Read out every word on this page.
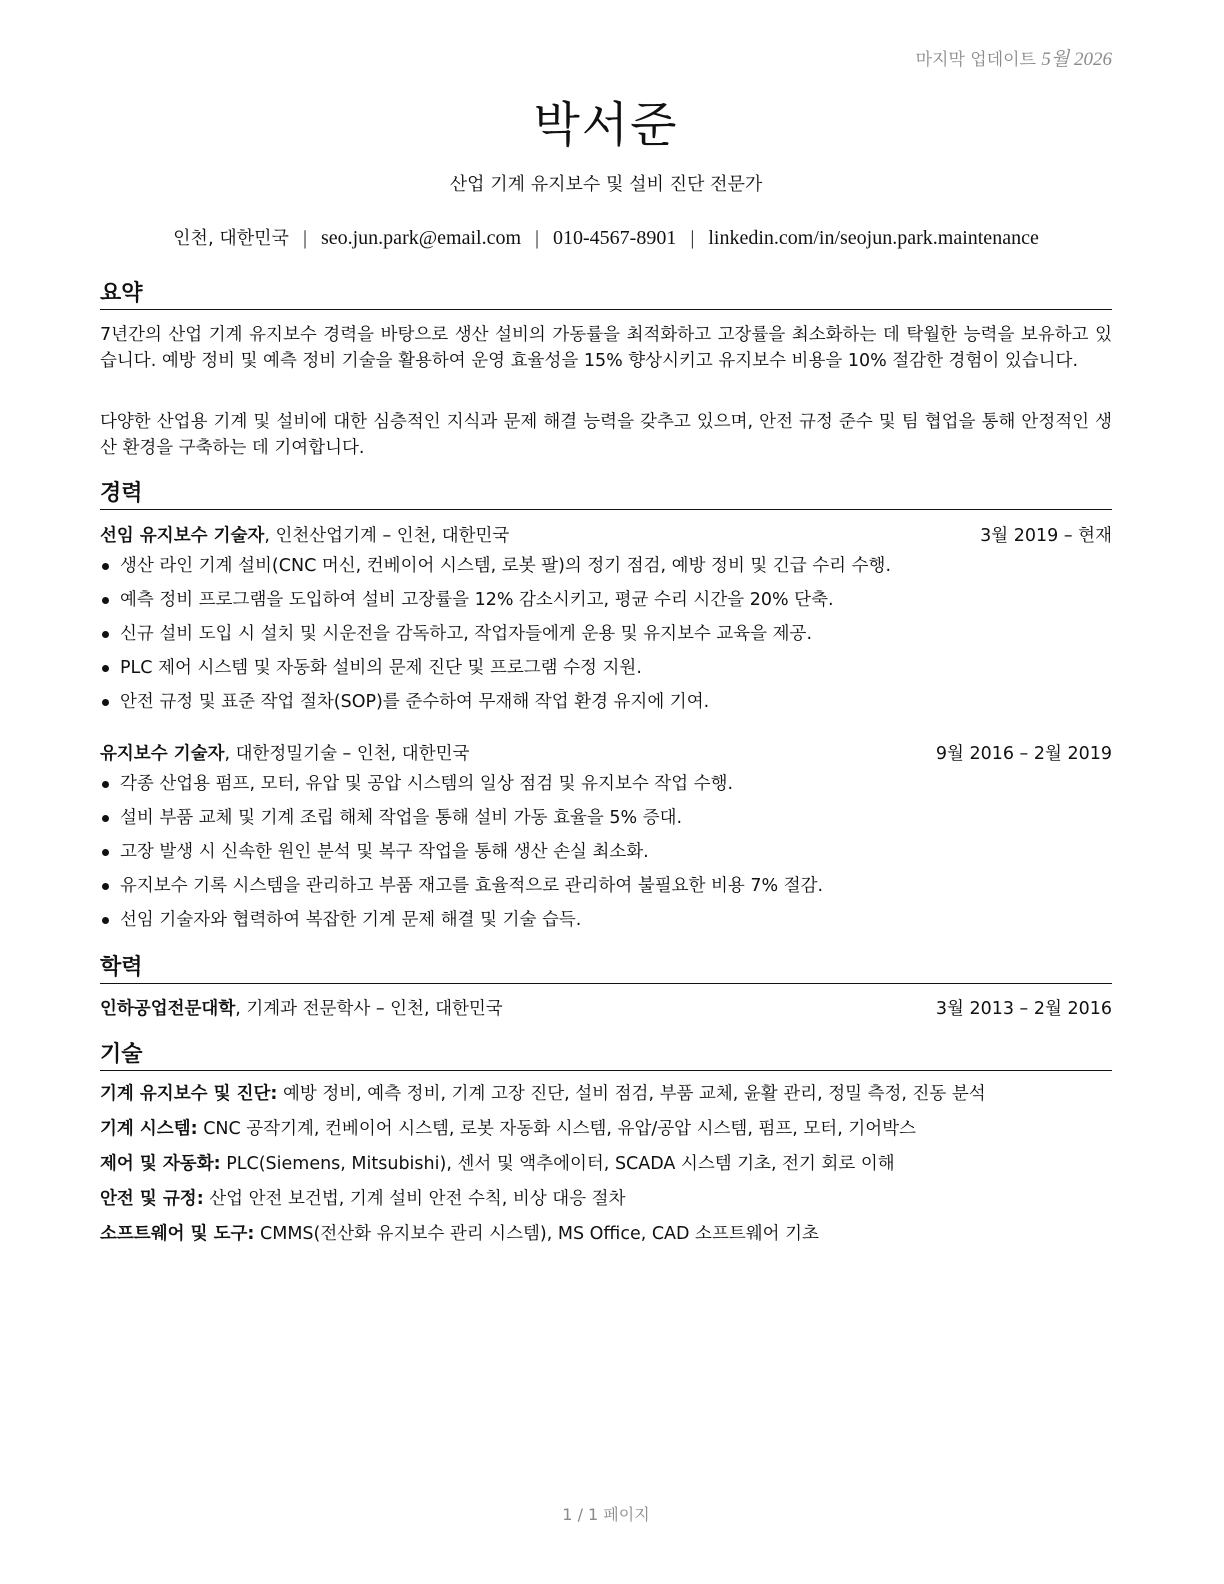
마지막 업데이트 5월 2026
박서준
산업 기계 유지보수 및 설비 진단 전문가
인천, 대한민국 | seo.jun.park@email.com | 010-4567-8901 | linkedin.com/in/seojun.park.maintenance
요약
7년간의 산업 기계 유지보수 경력을 바탕으로 생산 설비의 가동률을 최적화하고 고장률을 최소화하는 데 탁월한 능력을 보유하고 있습니다. 예방 정비 및 예측 정비 기술을 활용하여 운영 효율성을 15% 향상시키고 유지보수 비용을 10% 절감한 경험이 있습니다.
다양한 산업용 기계 및 설비에 대한 심층적인 지식과 문제 해결 능력을 갖추고 있으며, 안전 규정 준수 및 팀 협업을 통해 안정적인 생산 환경을 구축하는 데 기여합니다.
경력
선임 유지보수 기술자, 인천산업기계 – 인천, 대한민국	3월 2019 – 현재
생산 라인 기계 설비(CNC 머신, 컨베이어 시스템, 로봇 팔)의 정기 점검, 예방 정비 및 긴급 수리 수행.
예측 정비 프로그램을 도입하여 설비 고장률을 12% 감소시키고, 평균 수리 시간을 20% 단축.
신규 설비 도입 시 설치 및 시운전을 감독하고, 작업자들에게 운용 및 유지보수 교육을 제공.
PLC 제어 시스템 및 자동화 설비의 문제 진단 및 프로그램 수정 지원.
안전 규정 및 표준 작업 절차(SOP)를 준수하여 무재해 작업 환경 유지에 기여.
유지보수 기술자, 대한정밀기술 – 인천, 대한민국	9월 2016 – 2월 2019
각종 산업용 펌프, 모터, 유압 및 공압 시스템의 일상 점검 및 유지보수 작업 수행.
설비 부품 교체 및 기계 조립 해체 작업을 통해 설비 가동 효율을 5% 증대.
고장 발생 시 신속한 원인 분석 및 복구 작업을 통해 생산 손실 최소화.
유지보수 기록 시스템을 관리하고 부품 재고를 효율적으로 관리하여 불필요한 비용 7% 절감.
선임 기술자와 협력하여 복잡한 기계 문제 해결 및 기술 습득.
학력
인하공업전문대학, 기계과 전문학사 – 인천, 대한민국	3월 2013 – 2월 2016
기술
기계 유지보수 및 진단: 예방 정비, 예측 정비, 기계 고장 진단, 설비 점검, 부품 교체, 윤활 관리, 정밀 측정, 진동 분석
기계 시스템: CNC 공작기계, 컨베이어 시스템, 로봇 자동화 시스템, 유압/공압 시스템, 펌프, 모터, 기어박스
제어 및 자동화: PLC(Siemens, Mitsubishi), 센서 및 액추에이터, SCADA 시스템 기초, 전기 회로 이해
안전 및 규정: 산업 안전 보건법, 기계 설비 안전 수칙, 비상 대응 절차
소프트웨어 및 도구: CMMS(전산화 유지보수 관리 시스템), MS Office, CAD 소프트웨어 기초
1 / 1 페이지
